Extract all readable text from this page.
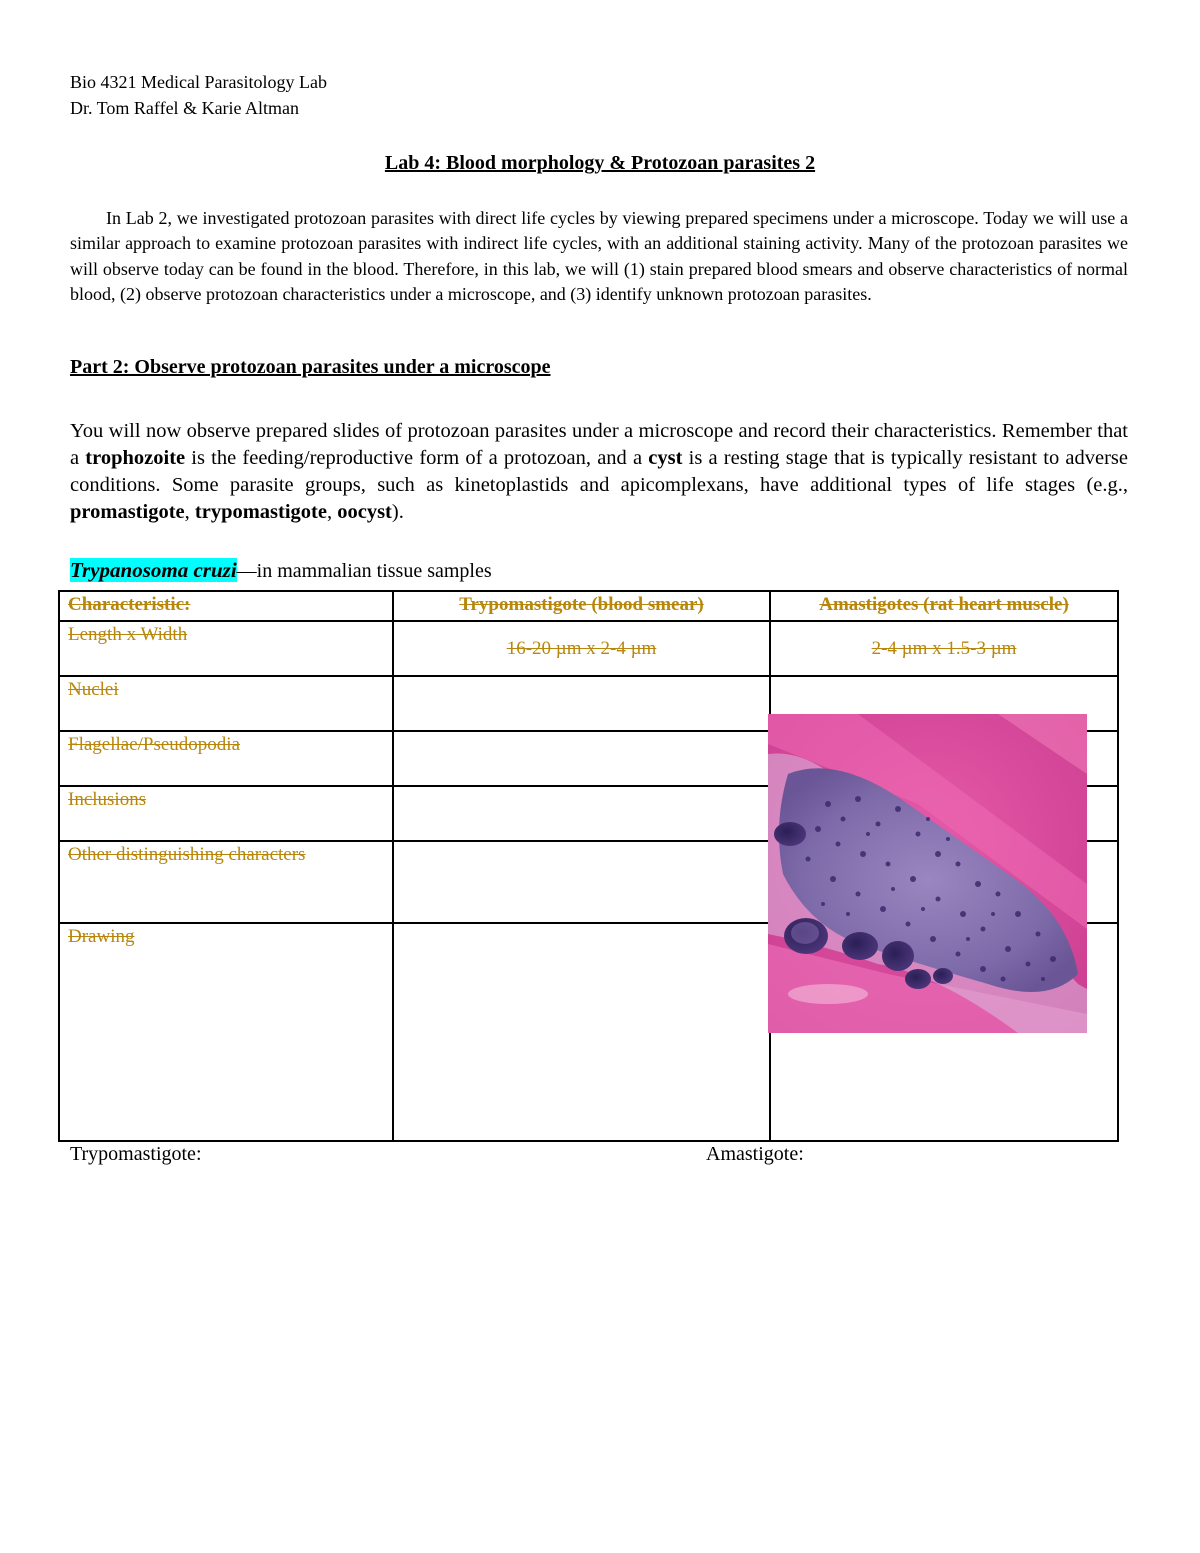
Bio 4321 Medical Parasitology Lab
Dr. Tom Raffel & Karie Altman
Lab 4: Blood morphology & Protozoan parasites 2
In Lab 2, we investigated protozoan parasites with direct life cycles by viewing prepared specimens under a microscope. Today we will use a similar approach to examine protozoan parasites with indirect life cycles, with an additional staining activity. Many of the protozoan parasites we will observe today can be found in the blood. Therefore, in this lab, we will (1) stain prepared blood smears and observe characteristics of normal blood, (2) observe protozoan characteristics under a microscope, and (3) identify unknown protozoan parasites.
Part 2: Observe protozoan parasites under a microscope
You will now observe prepared slides of protozoan parasites under a microscope and record their characteristics. Remember that a trophozoite is the feeding/reproductive form of a protozoan, and a cyst is a resting stage that is typically resistant to adverse conditions. Some parasite groups, such as kinetoplastids and apicomplexans, have additional types of life stages (e.g., promastigote, trypomastigote, oocyst).
Trypanosoma cruzi—in mammalian tissue samples
Characteristic:	Trypomastigote (blood smear)	Amastigotes (rat heart muscle)
Length x Width	16-20 µm x 2-4 µm	2-4 µm x 1.5-3 µm
Nuclei		
Flagellae/Pseudopodia		
Inclusions		
Other distinguishing characters		
Drawing		
Trypomastigote:	Amastigote:
